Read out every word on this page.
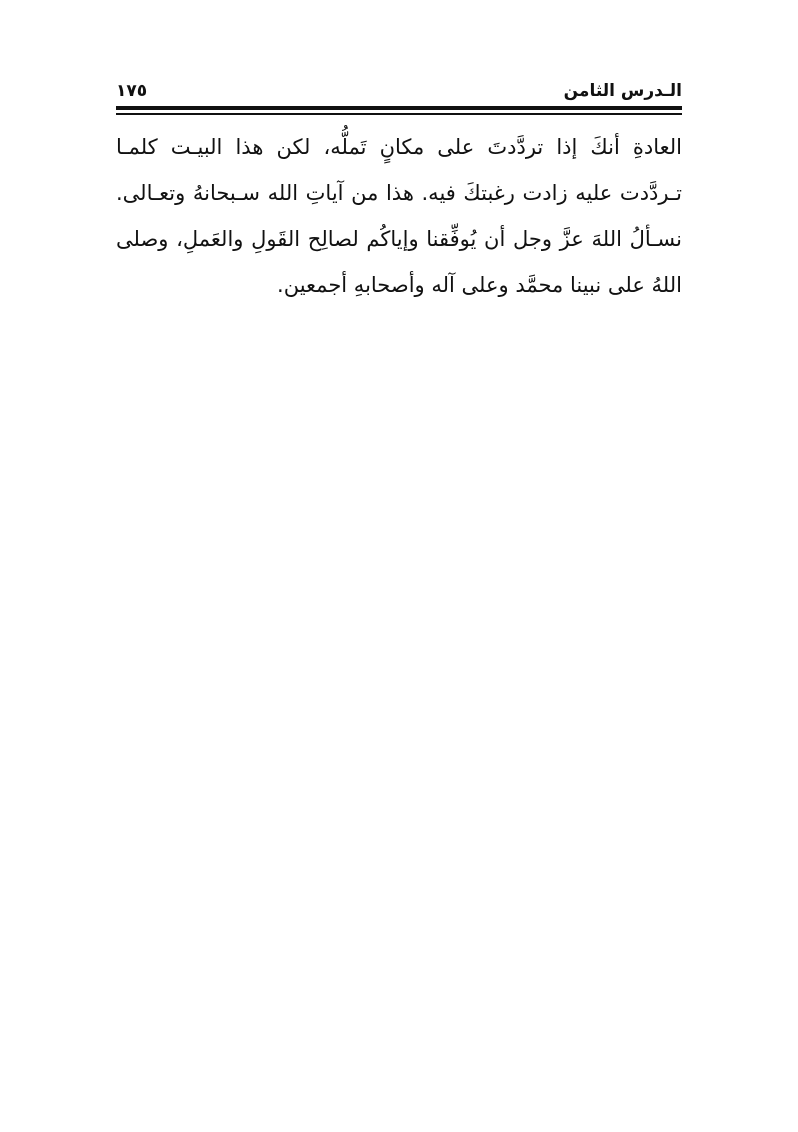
الـدرس الثامن
١٧٥

العادةِ أنكَ إذا تردَّدتَ على مكانٍ تَملُّه، لكن هذا البيـت كلمـا تـردَّدت عليه زادت رغبتكَ فيه. هذا من آياتِ الله سـبحانهُ وتعـالى. نسـألُ اللهَ عزَّ وجل أن يُوفِّقنا وإياكُم لصالِح القَولِ والعَملِ، وصلى اللهُ على نبينا محمَّد وعلى آله وأصحابهِ أجمعين.
